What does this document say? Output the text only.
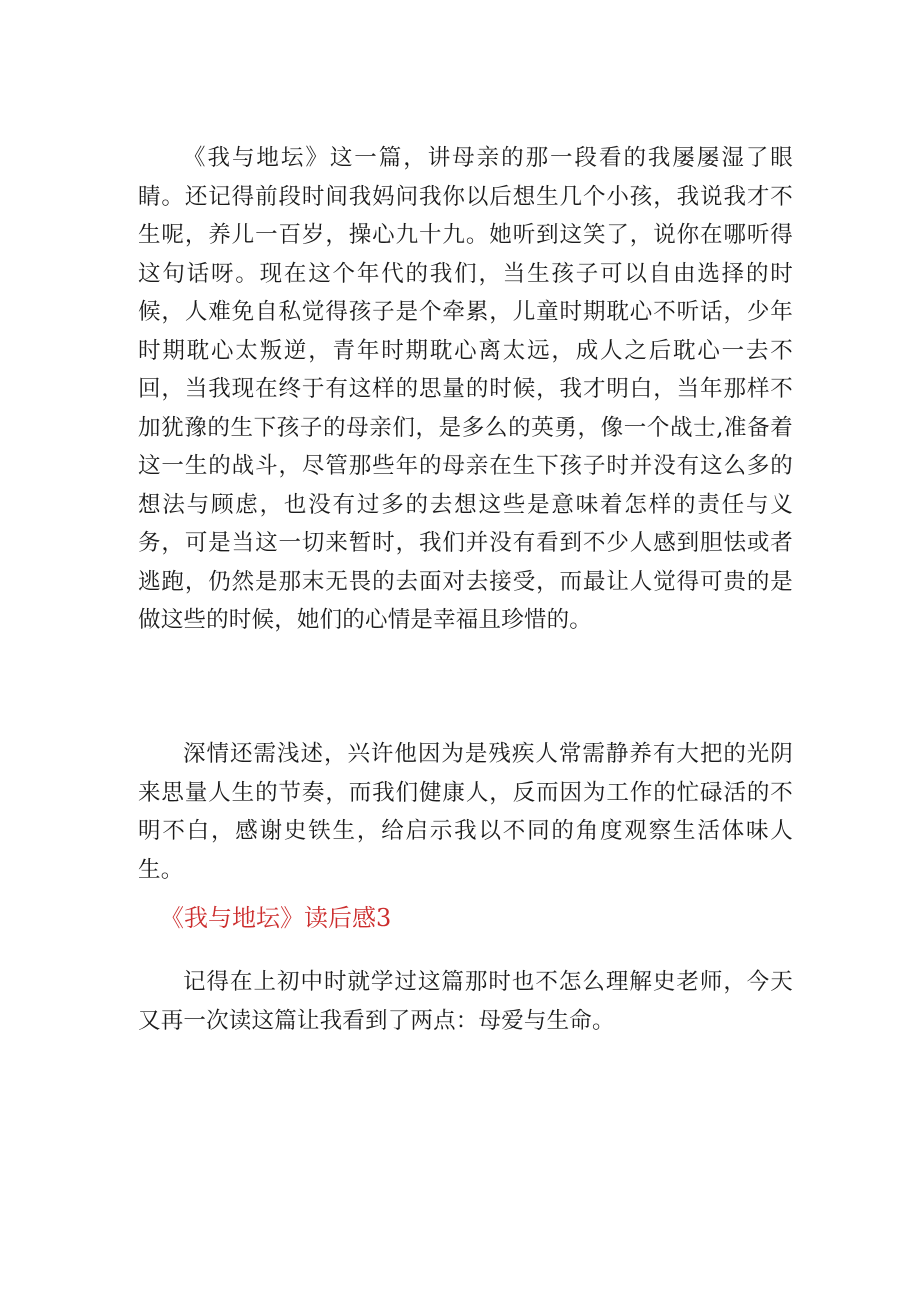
《我与地坛》这一篇，讲母亲的那一段看的我屡屡湿了眼睛。还记得前段时间我妈问我你以后想生几个小孩，我说我才不生呢，养儿一百岁，操心九十九。她听到这笑了，说你在哪听得这句话呀。现在这个年代的我们，当生孩子可以自由选择的时候，人难免自私觉得孩子是个牵累，儿童时期耽心不听话，少年时期耽心太叛逆，青年时期耽心离太远，成人之后耽心一去不回，当我现在终于有这样的思量的时候，我才明白，当年那样不加犹豫的生下孩子的母亲们，是多么的英勇，像一个战士,准备着这一生的战斗，尽管那些年的母亲在生下孩子时并没有这么多的想法与顾虑，也没有过多的去想这些是意味着怎样的责任与义务，可是当这一切来暂时，我们并没有看到不少人感到胆怯或者逃跑，仍然是那末无畏的去面对去接受，而最让人觉得可贵的是做这些的时候，她们的心情是幸福且珍惜的。

深情还需浅述，兴许他因为是残疾人常需静养有大把的光阴来思量人生的节奏，而我们健康人，反而因为工作的忙碌活的不明不白，感谢史铁生，给启示我以不同的角度观察生活体味人生。

《我与地坛》读后感3

记得在上初中时就学过这篇那时也不怎么理解史老师，今天又再一次读这篇让我看到了两点：母爱与生命。
